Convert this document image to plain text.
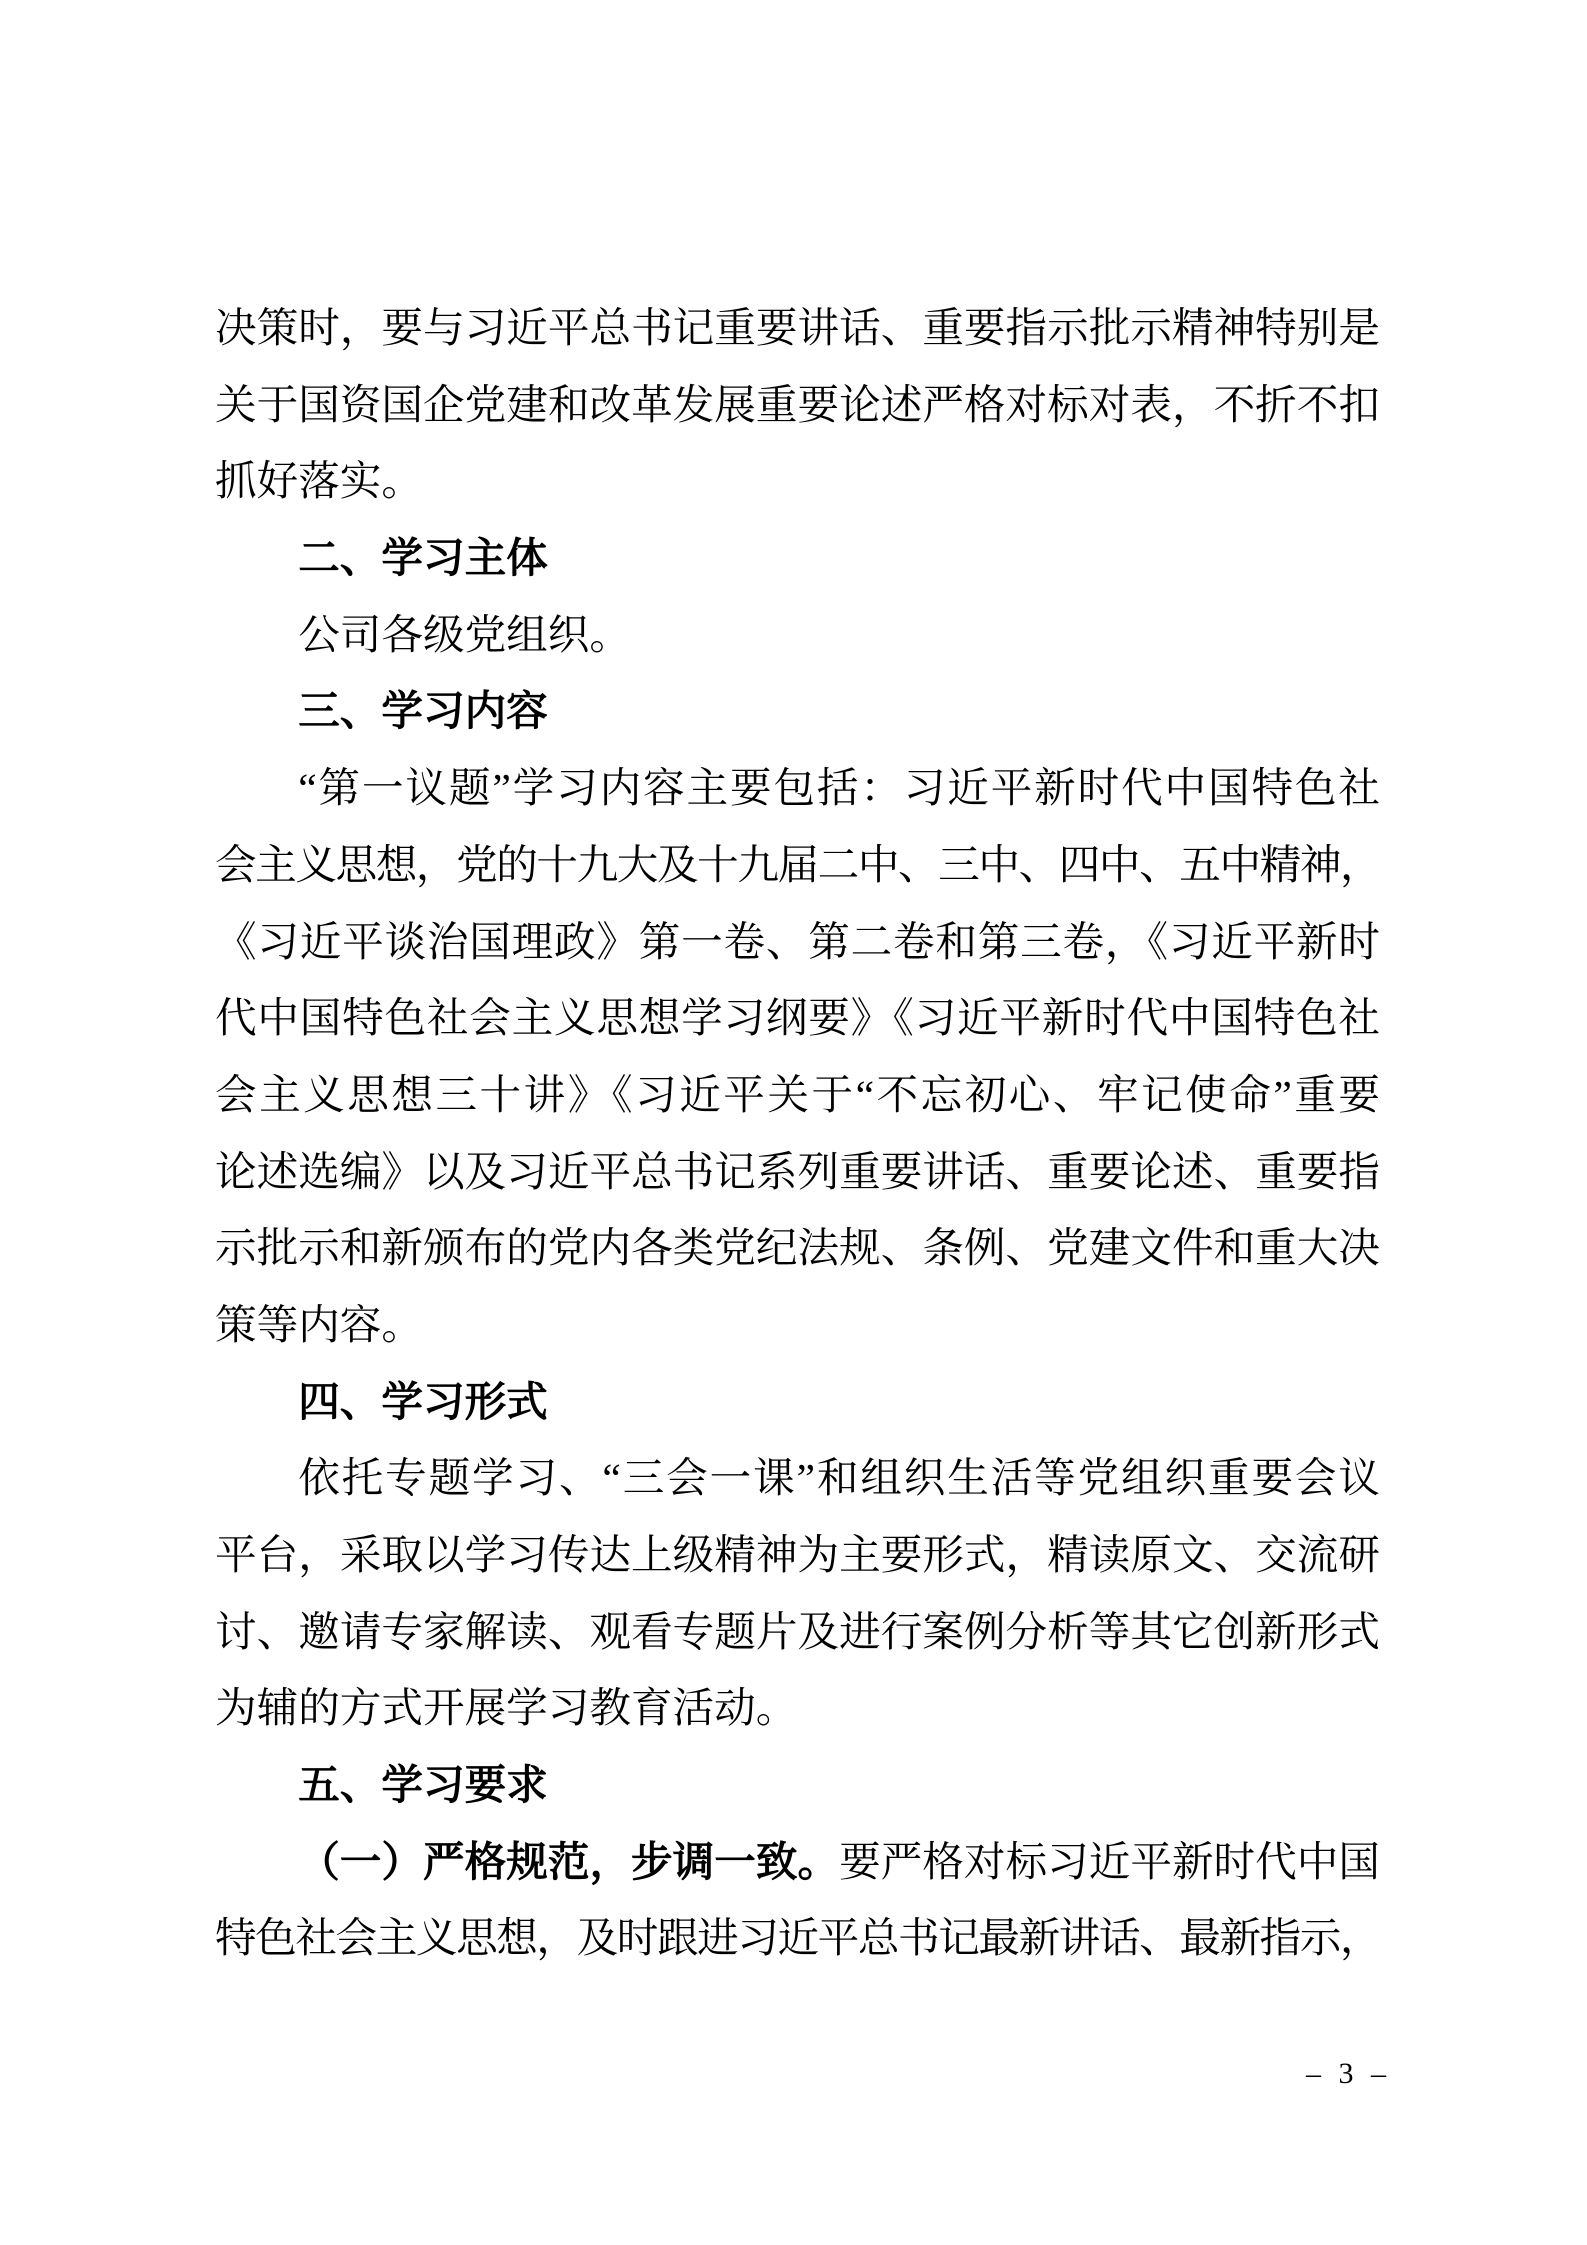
决策时，要与习近平总书记重要讲话、重要指示批示精神特别是
关于国资国企党建和改革发展重要论述严格对标对表，不折不扣
抓好落实。
二、学习主体
公司各级党组织。
三、学习内容
“第一议题”学习内容主要包括：习近平新时代中国特色社
会主义思想，党的十九大及十九届二中、三中、四中、五中精神，
《习近平谈治国理政》第一卷、第二卷和第三卷，《习近平新时
代中国特色社会主义思想学习纲要》《习近平新时代中国特色社
会主义思想三十讲》《习近平关于“不忘初心、牢记使命”重要
论述选编》以及习近平总书记系列重要讲话、重要论述、重要指
示批示和新颁布的党内各类党纪法规、条例、党建文件和重大决
策等内容。
四、学习形式
依托专题学习、“三会一课”和组织生活等党组织重要会议
平台，采取以学习传达上级精神为主要形式，精读原文、交流研
讨、邀请专家解读、观看专题片及进行案例分析等其它创新形式
为辅的方式开展学习教育活动。
五、学习要求
（一）严格规范，步调一致。要严格对标习近平新时代中国
特色社会主义思想，及时跟进习近平总书记最新讲话、最新指示，
– 3 –
